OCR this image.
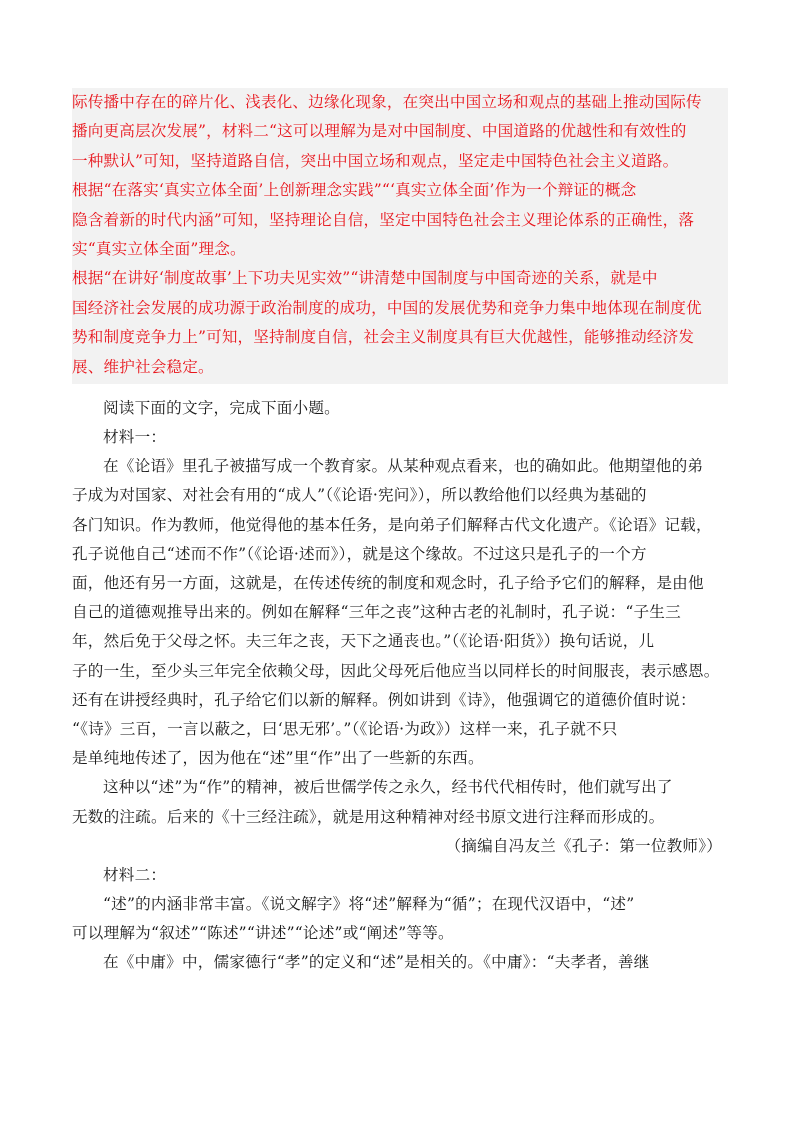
际传播中存在的碎片化、浅表化、边缘化现象，在突出中国立场和观点的基础上推动国际传
播向更高层次发展”，材料二“这可以理解为是对中国制度、中国道路的优越性和有效性的
一种默认”可知，坚持道路自信，突出中国立场和观点，坚定走中国特色社会主义道路。
根据“在落实‘真实立体全面’上创新理念实践”“‘真实立体全面’作为一个辩证的概念
隐含着新的时代内涵”可知，坚持理论自信，坚定中国特色社会主义理论体系的正确性，落
实“真实立体全面”理念。
根据“在讲好‘制度故事’上下功夫见实效”“讲清楚中国制度与中国奇迹的关系，就是中
国经济社会发展的成功源于政治制度的成功，中国的发展优势和竞争力集中地体现在制度优
势和制度竞争力上”可知，坚持制度自信，社会主义制度具有巨大优越性，能够推动经济发
展、维护社会稳定。
阅读下面的文字，完成下面小题。
材料一：
在《论语》里孔子被描写成一个教育家。从某种观点看来，也的确如此。他期望他的弟
子成为对国家、对社会有用的“成人”（《论语·宪问》），所以教给他们以经典为基础的
各门知识。作为教师，他觉得他的基本任务，是向弟子们解释古代文化遗产。《论语》记载，
孔子说他自己“述而不作”（《论语·述而》），就是这个缘故。不过这只是孔子的一个方
面，他还有另一方面，这就是，在传述传统的制度和观念时，孔子给予它们的解释，是由他
自己的道德观推导出来的。例如在解释“三年之丧”这种古老的礼制时，孔子说：“子生三
年，然后免于父母之怀。夫三年之丧，天下之通丧也。”（《论语·阳货》）换句话说，儿
子的一生，至少头三年完全依赖父母，因此父母死后他应当以同样长的时间服丧，表示感恩。
还有在讲授经典时，孔子给它们以新的解释。例如讲到《诗》，他强调它的道德价值时说：
“《诗》三百，一言以蔽之，曰‘思无邪’。”（《论语·为政》）这样一来，孔子就不只
是单纯地传述了，因为他在“述”里“作”出了一些新的东西。
这种以“述”为“作”的精神，被后世儒学传之永久，经书代代相传时，他们就写出了
无数的注疏。后来的《十三经注疏》，就是用这种精神对经书原文进行注释而形成的。
（摘编自冯友兰《孔子：第一位教师》）
材料二：
“述”的内涵非常丰富。《说文解字》将“述”解释为“循”；在现代汉语中，“述”
可以理解为“叙述”“陈述”“讲述”“论述”或“阐述”等等。
在《中庸》中，儒家德行“孝”的定义和“述”是相关的。《中庸》：“夫孝者，善继
